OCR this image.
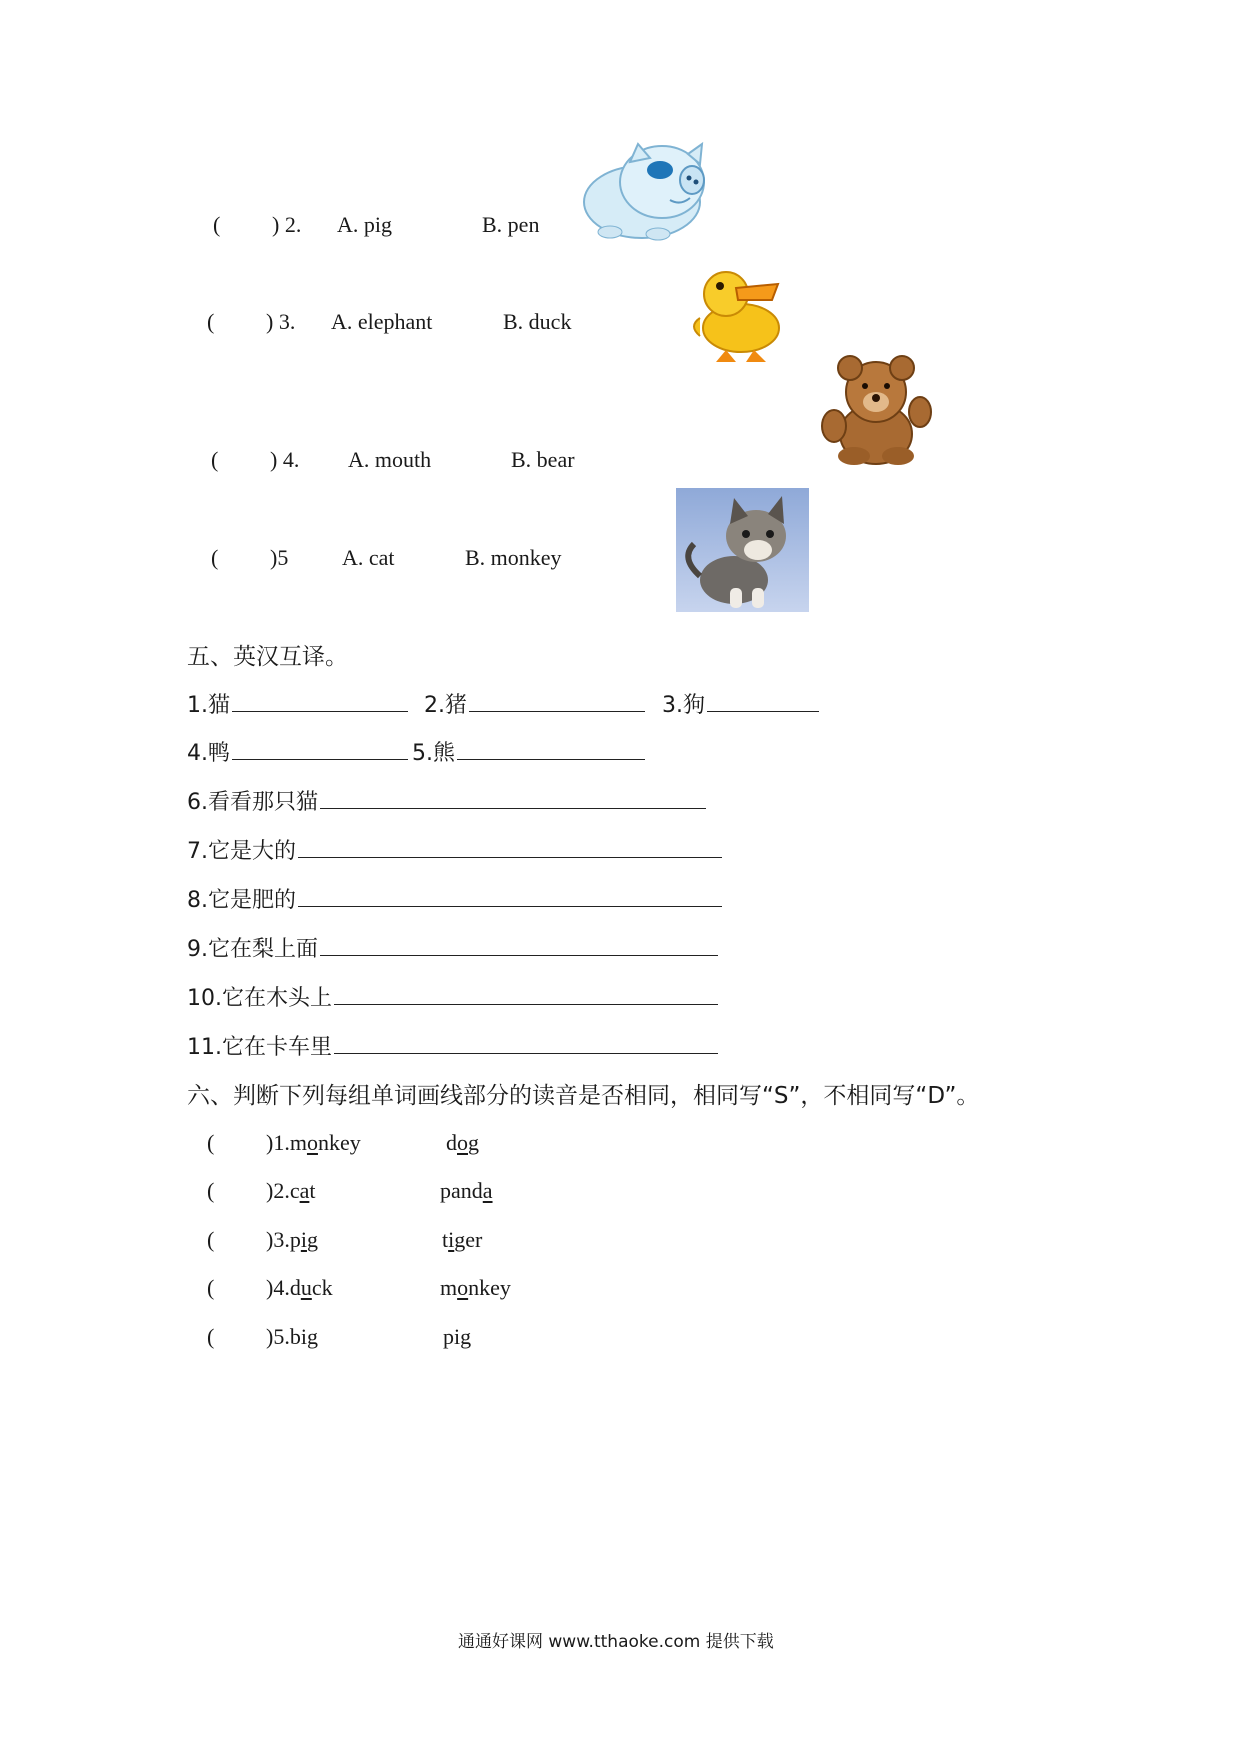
( ) 2. A. pig	B. pen
( ) 3. A. elephant	B. duck
( ) 4. A. mouth	B. bear
( )5 A. cat	B. monkey
五、英汉互译。
1.猫	2.猪	3.狗
4.鸭	5.熊
6.看看那只猫
7.它是大的
8.它是肥的
9.它在梨上面
10.它在木头上
11.它在卡车里
六、判断下列每组单词画线部分的读音是否相同，相同写“S”，不相同写“D”。
( )1.monkey	dog
( )2.cat	panda
( )3.pig	tiger
( )4.duck	monkey
( )5.big	pig
通通好课网 www.tthaoke.com 提供下载
